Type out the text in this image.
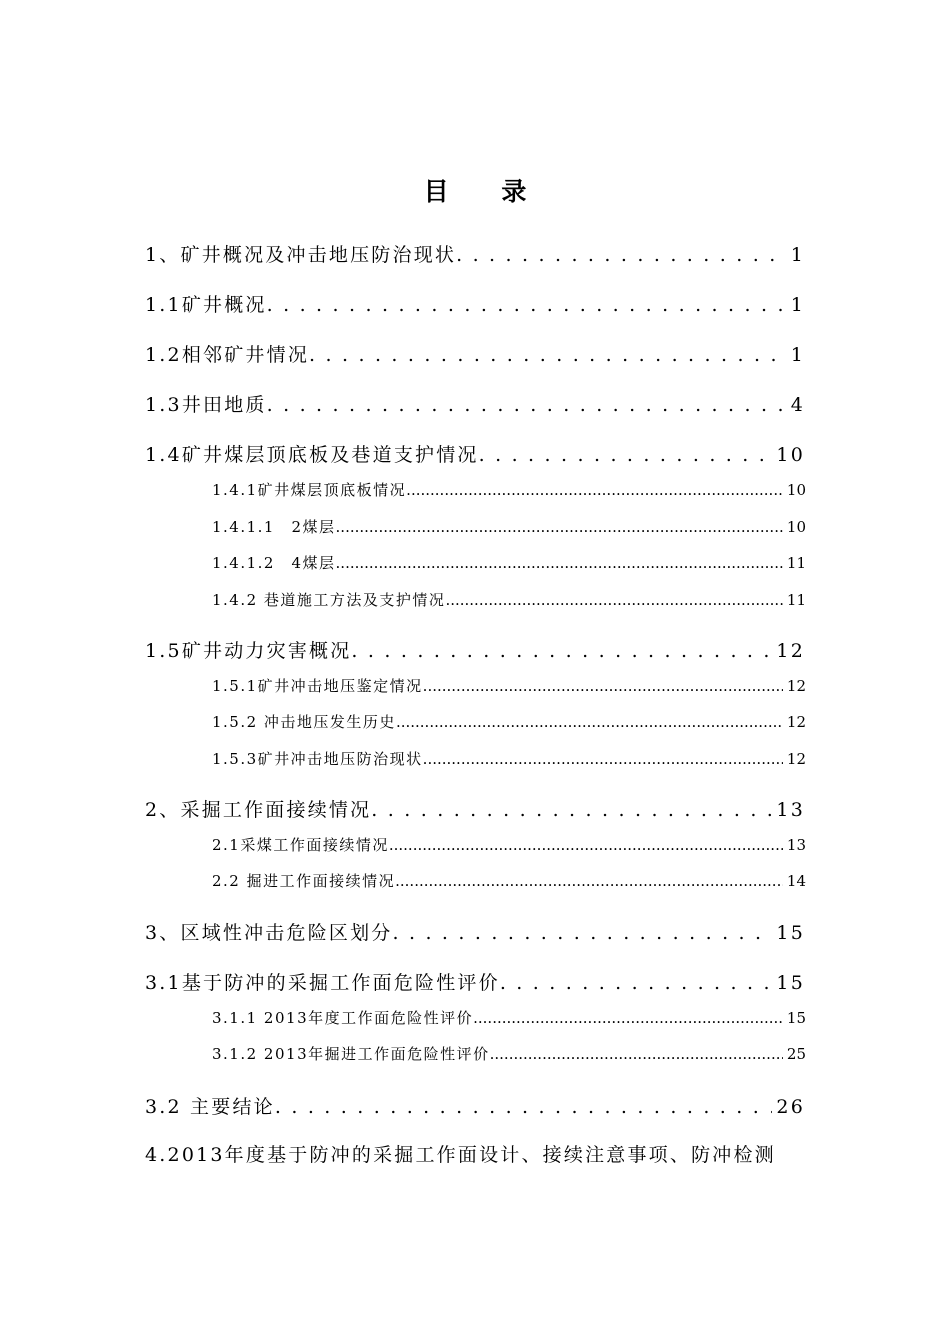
目 录
1、矿井概况及冲击地压防治现状 . . .	1
1.1矿井概况 . . .	1
1.2相邻矿井情况 . . .	1
1.3井田地质 . . .	4
1.4矿井煤层顶底板及巷道支护情况 . . .	10
1.4.1矿井煤层顶底板情况 .....	10
1.4.1.1　2煤层 .....	10
1.4.1.2　4煤层 .....	11
1.4.2 巷道施工方法及支护情况 .....	11
1.5矿井动力灾害概况 . . .	12
1.5.1矿井冲击地压鉴定情况 .....	12
1.5.2 冲击地压发生历史 .....	12
1.5.3矿井冲击地压防治现状 .....	12
2、采掘工作面接续情况 . . .	13
2.1采煤工作面接续情况 .....	13
2.2 掘进工作面接续情况 .....	14
3、区域性冲击危险区划分 . . .	15
3.1基于防冲的采掘工作面危险性评价 . . .	15
3.1.1 2013年度工作面危险性评价 .....	15
3.1.2 2013年掘进工作面危险性评价 .....	25
3.2 主要结论 . . .	26
4.2013年度基于防冲的采掘工作面设计、接续注意事项、防冲检测
